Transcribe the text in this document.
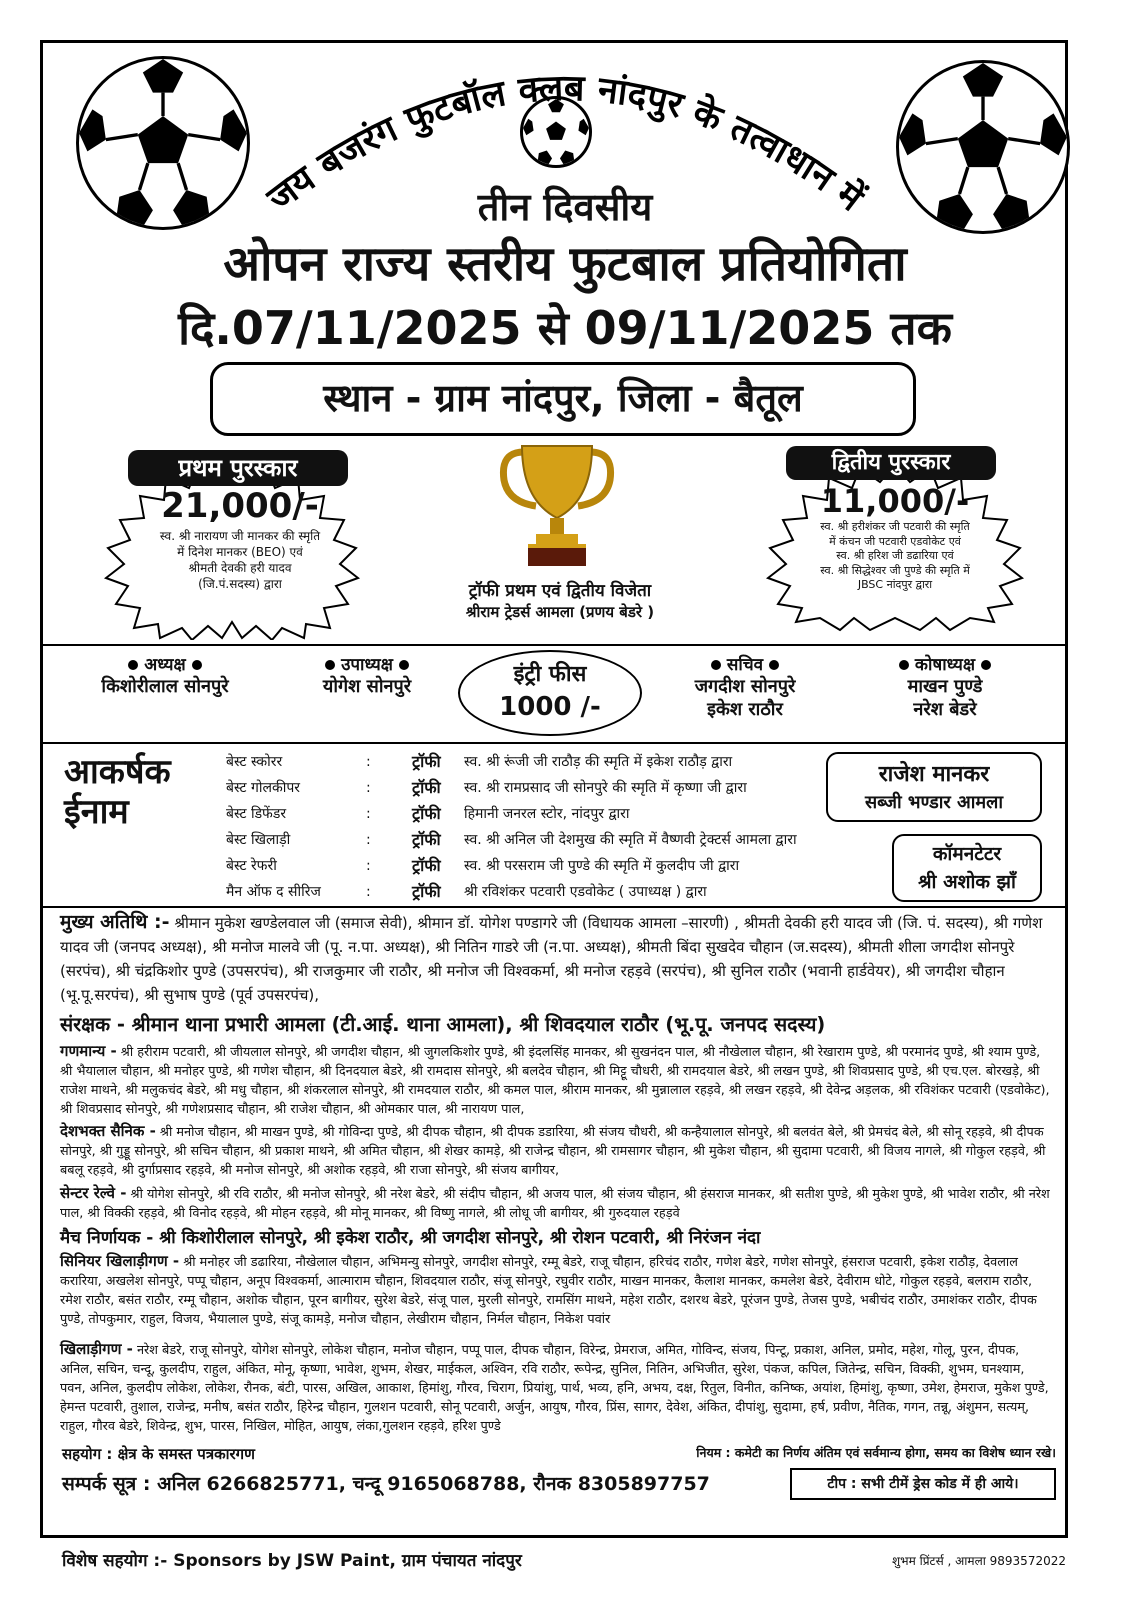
जय बजरंग फुटबॉल क्लब नांदपुर के तत्वाधान में
तीन दिवसीय
ओपन राज्य स्तरीय फुटबाल प्रतियोगिता
दि.07/11/2025 से 09/11/2025 तक
स्थान - ग्राम नांदपुर, जिला - बैतूल
प्रथम पुरस्कार
21,000/-
स्व. श्री नारायण जी मानकर की स्मृति
में दिनेश मानकर (BEO) एवं
श्रीमती देवकी हरी यादव
(जि.पं.सदस्य) द्वारा	ट्रॉफी प्रथम एवं द्वितीय विजेता
श्रीराम ट्रेडर्स आमला (प्रणय बेडरे )
द्वितीय पुरस्कार
11,000/-
स्व. श्री हरीशंकर जी पटवारी की स्मृति
में कंचन जी पटवारी एडवोकेट एवं
स्व. श्री हरिश जी डढारिया एवं
स्व. श्री सिद्धेश्वर जी पुण्डे की स्मृति में
JBSC नांदपुर द्वारा
अध्यक्ष
किशोरीलाल सोनपुरे
उपाध्यक्ष
योगेश सोनपुरे	इंट्री फीस
1000 /-
सचिव
जगदीश सोनपुरे
इकेश राठौर
कोषाध्यक्ष
माखन पुण्डे
नरेश बेडरे
आकर्षक
ईनाम
बेस्ट स्कोरर	:	ट्रॉफी स्व. श्री रूंजी जी राठौड़ की स्मृति में इकेश राठौड़ द्वारा
बेस्ट गोलकीपर	:	ट्रॉफी स्व. श्री रामप्रसाद जी सोनपुरे की स्मृति में कृष्णा जी द्वारा
बेस्ट डिफेंडर	:	ट्रॉफी हिमानी जनरल स्टोर, नांदपुर द्वारा
बेस्ट खिलाड़ी	:	ट्रॉफी स्व. श्री अनिल जी देशमुख की स्मृति में वैष्णवी ट्रेक्टर्स आमला द्वारा
बेस्ट रेफरी	:	ट्रॉफी स्व. श्री परसराम जी पुण्डे की स्मृति में कुलदीप जी द्वारा
मैन ऑफ द सीरिज	:	ट्रॉफी श्री रविशंकर पटवारी एडवोकेट ( उपाध्यक्ष ) द्वारा
राजेश मानकर
सब्जी भण्डार आमला
कॉमनटेटर
श्री अशोक झाँ
मुख्य अतिथि :- श्रीमान मुकेश खण्डेलवाल जी (समाज सेवी), श्रीमान डॉ. योगेश पण्डागरे जी (विधायक आमला –सारणी) , श्रीमती देवकी हरी यादव जी (जि. पं. सदस्य), श्री गणेश यादव जी (जनपद अध्यक्ष), श्री मनोज मालवे जी (पू. न.पा. अध्यक्ष), श्री नितिन गाडरे जी (न.पा. अध्यक्ष), श्रीमती बिंदा सुखदेव चौहान (ज.सदस्य), श्रीमती शीला जगदीश सोनपुरे (सरपंच), श्री चंद्रकिशोर पुण्डे (उपसरपंच), श्री राजकुमार जी राठौर, श्री मनोज जी विश्वकर्मा, श्री मनोज रहड़वे (सरपंच), श्री सुनिल राठौर (भवानी हार्डवेयर), श्री जगदीश चौहान (भू.पू.सरपंच), श्री सुभाष पुण्डे (पूर्व उपसरपंच),
संरक्षक - श्रीमान थाना प्रभारी आमला (टी.आई. थाना आमला), श्री शिवदयाल राठौर (भू.पू. जनपद सदस्य)
गणमान्य - श्री हरीराम पटवारी, श्री जीयलाल सोनपुरे, श्री जगदीश चौहान, श्री जुगलकिशोर पुण्डे, श्री इंदलसिंह मानकर, श्री सुखनंदन पाल, श्री नौखेलाल चौहान, श्री रेखाराम पुण्डे, श्री परमानंद पुण्डे, श्री श्याम पुण्डे, श्री भैयालाल चौहान, श्री मनोहर पुण्डे, श्री गणेश चौहान, श्री दिनदयाल बेडरे, श्री रामदास सोनपुरे, श्री बलदेव चौहान, श्री मिट्टू चौधरी, श्री रामदयाल बेडरे, श्री लखन पुण्डे, श्री शिवप्रसाद पुण्डे, श्री एच.एल. बोरखड़े, श्री राजेश माथने, श्री मलुकचंद बेडरे, श्री मधु चौहान, श्री शंकरलाल सोनपुरे, श्री रामदयाल राठौर, श्री कमल पाल, श्रीराम मानकर, श्री मुन्नालाल रहड़वे, श्री लखन रहड़वे, श्री देवेन्द्र अड़लक, श्री रविशंकर पटवारी (एडवोकेट), श्री शिवप्रसाद सोनपुरे, श्री गणेशप्रसाद चौहान, श्री राजेश चौहान, श्री ओमकार पाल, श्री नारायण पाल,
देशभक्त सैनिक - श्री मनोज चौहान, श्री माखन पुण्डे, श्री गोविन्दा पुण्डे, श्री दीपक चौहान, श्री दीपक डडारिया, श्री संजय चौधरी, श्री कन्हैयालाल सोनपुरे, श्री बलवंत बेले, श्री प्रेमचंद बेले, श्री सोनू रहड़वे, श्री दीपक सोनपुरे, श्री गुड्डू सोनपुरे, श्री सचिन चौहान, श्री प्रकाश माथने, श्री अमित चौहान, श्री शेखर कामड़े, श्री राजेन्द्र चौहान, श्री रामसागर चौहान, श्री मुकेश चौहान, श्री सुदामा पटवारी, श्री विजय नागले, श्री गोकुल रहड़वे, श्री बबलू रहड़वे, श्री दुर्गाप्रसाद रहड़वे, श्री मनोज सोनपुरे, श्री अशोक रहड़वे, श्री राजा सोनपुरे, श्री संजय बागीयर,
सेन्टर रेल्वे - श्री योगेश सोनपुरे, श्री रवि राठौर, श्री मनोज सोनपुरे, श्री नरेश बेडरे, श्री संदीप चौहान, श्री अजय पाल, श्री संजय चौहान, श्री हंसराज मानकर, श्री सतीश पुण्डे, श्री मुकेश पुण्डे, श्री भावेश राठौर, श्री नरेश पाल, श्री विक्की रहड़वे, श्री विनोद रहड़वे, श्री मोहन रहड़वे, श्री मोनू मानकर, श्री विष्णु नागले, श्री लोधू जी बागीयर, श्री गुरुदयाल रहड़वे
मैच निर्णायक - श्री किशोरीलाल सोनपुरे, श्री इकेश राठौर, श्री जगदीश सोनपुरे, श्री रोशन पटवारी, श्री निरंजन नंदा
सिनियर खिलाड़ीगण - श्री मनोहर जी डढारिया, नौखेलाल चौहान, अभिमन्यु सोनपुरे, जगदीश सोनपुरे, रम्मू बेडरे, राजू चौहान, हरिचंद राठौर, गणेश बेडरे, गणेश सोनपुरे, हंसराज पटवारी, इकेश राठौड़, देवलाल करारिया, अखलेश सोनपुरे, पप्पू चौहान, अनूप विश्वकर्मा, आत्माराम चौहान, शिवदयाल राठौर, संजू सोनपुरे, रघुवीर राठौर, माखन मानकर, कैलाश मानकर, कमलेश बेडरे, देवीराम धोटे, गोकुल रहड़वे, बलराम राठौर, रमेश राठौर, बसंत राठौर, रम्मू चौहान, अशोक चौहान, पूरन बागीयर, सुरेश बेडरे, संजू पाल, मुरली सोनपुरे, रामसिंग माथने, महेश राठौर, दशरथ बेडरे, पूरंजन पुण्डे, तेजस पुण्डे, भबीचंद राठौर, उमाशंकर राठौर, दीपक पुण्डे, तोपकुमार, राहुल, विजय, भैयालाल पुण्डे, संजू कामड़े, मनोज चौहान, लेखीराम चौहान, निर्मल चौहान, निकेश पवांर
खिलाड़ीगण - नरेश बेडरे, राजू सोनपुरे, योगेश सोनपुरे, लोकेश चौहान, मनोज चौहान, पप्पू पाल, दीपक चौहान, विरेन्द्र, प्रेमराज, अमित, गोविन्द, संजय, पिन्टू, प्रकाश, अनिल, प्रमोद, महेश, गोलू, पुरन, दीपक, अनिल, सचिन, चन्दू, कुलदीप, राहुल, अंकित, मोनू, कृष्णा, भावेश, शुभम, शेखर, माईकल, अश्विन, रवि राठौर, रूपेन्द्र, सुनिल, नितिन, अभिजीत, सुरेश, पंकज, कपिल, जितेन्द्र, सचिन, विक्की, शुभम, घनश्याम, पवन, अनिल, कुलदीप लोकेश, लोकेश, रौनक, बंटी, पारस, अखिल, आकाश, हिमांशु, गौरव, चिराग, प्रियांशु, पार्थ, भव्य, हनि, अभय, दक्ष, रितुल, विनीत, कनिष्क, अयांश, हिमांशु, कृष्णा, उमेश, हेमराज, मुकेश पुण्डे, हेमन्त पटवारी, तुशाल, राजेन्द्र, मनीष, बसंत राठौर, हिरेन्द्र चौहान, गुलशन पटवारी, सोनू पटवारी, अर्जुन, आयुष, गौरव, प्रिंस, सागर, देवेश, अंकित, दीपांशु, सुदामा, हर्ष, प्रवीण, नैतिक, गगन, तन्नू, अंशुमन, सत्यम्, राहुल, गौरव बेडरे, शिवेन्द्र, शुभ, पारस, निखिल, मोहित, आयुष, लंका,गुलशन रहड़वे, हरिश पुण्डे
सहयोग : क्षेत्र के समस्त पत्रकारगण	नियम : कमेटी का निर्णय अंतिम एवं सर्वमान्य होगा, समय का विशेष ध्यान रखे।
सम्पर्क सूत्र : अनिल 6266825771, चन्दू 9165068788, रौनक 8305897757	टीप : सभी टीमें ड्रेस कोड में ही आये।
विशेष सहयोग :- Sponsors by JSW Paint, ग्राम पंचायत नांदपुर	शुभम प्रिंटर्स , आमला 9893572022
